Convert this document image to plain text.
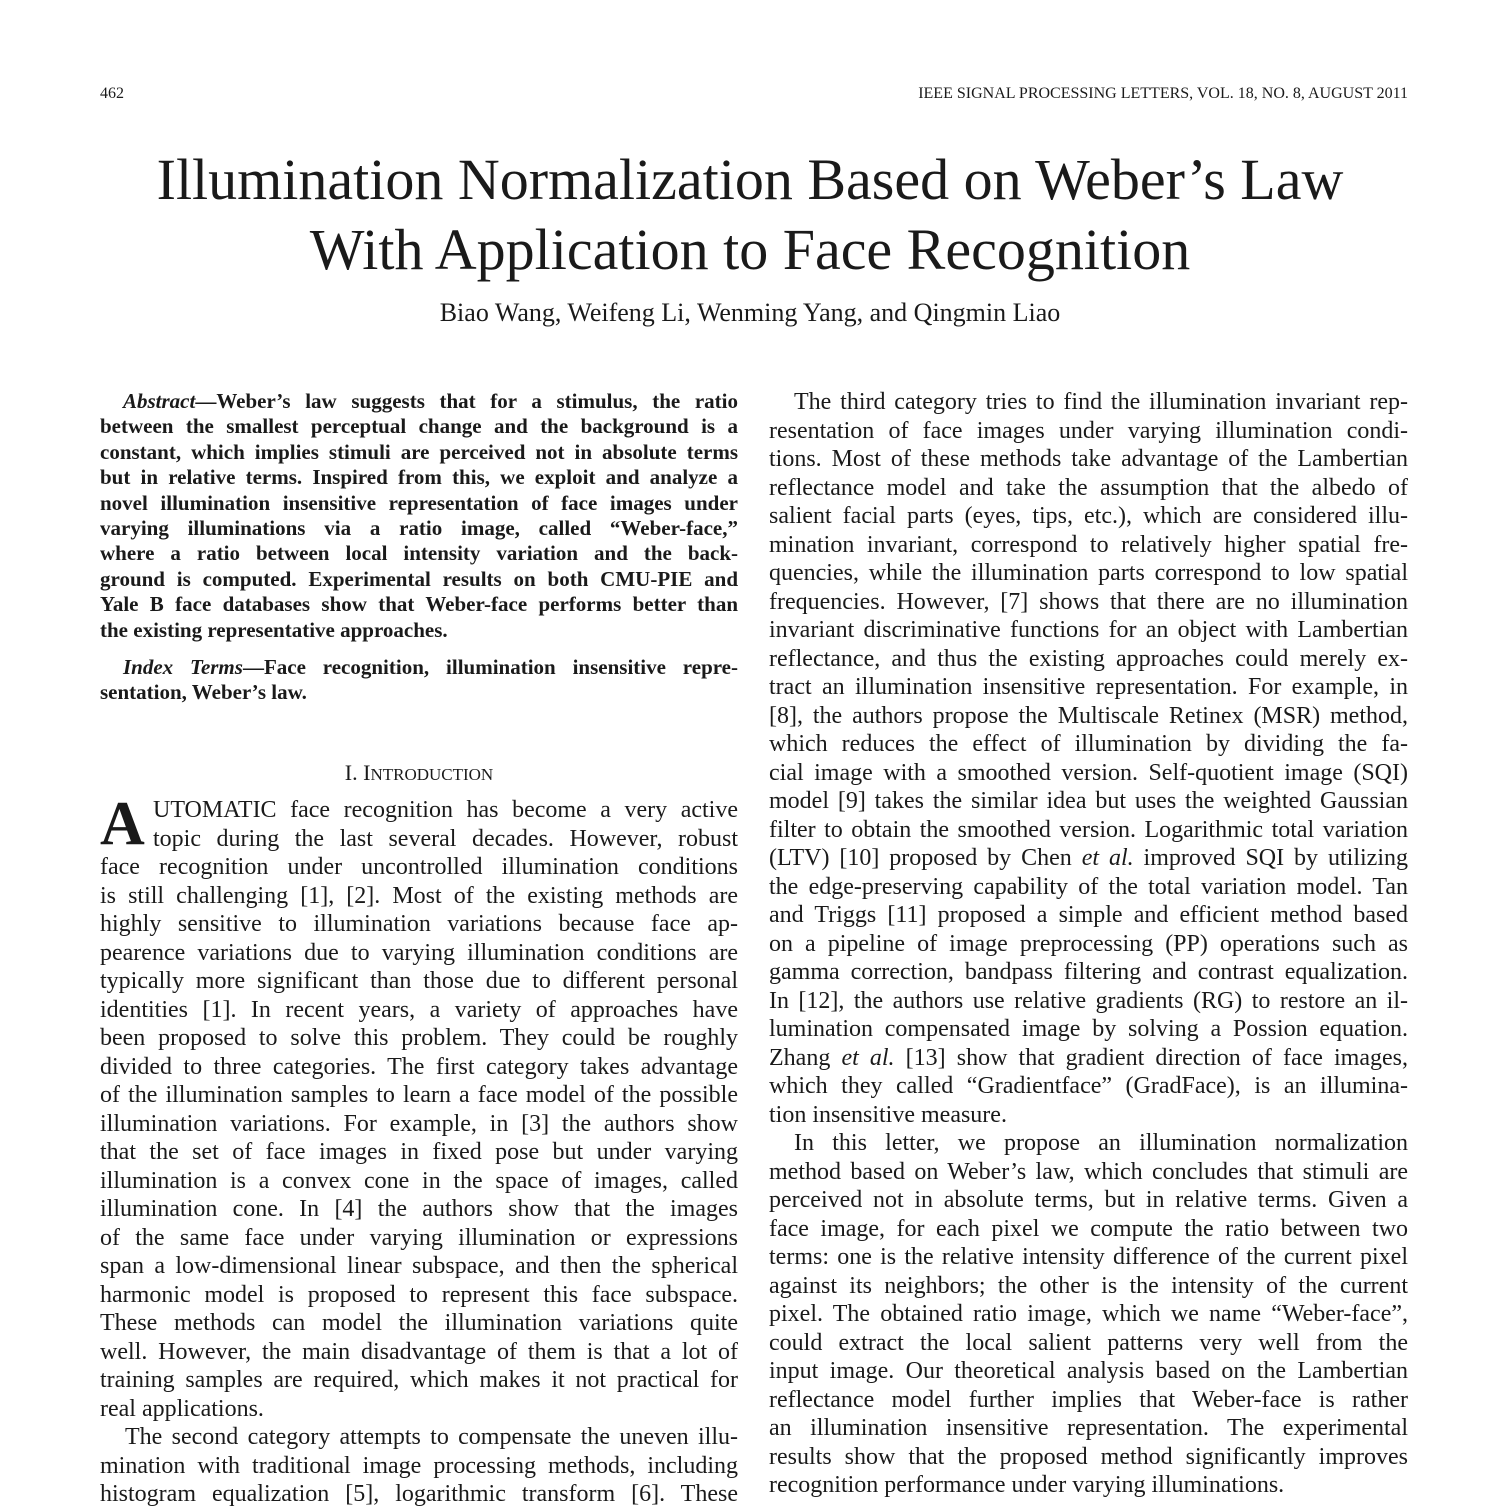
462	IEEE SIGNAL PROCESSING LETTERS, VOL. 18, NO. 8, AUGUST 2011
Illumination Normalization Based on Weber’s Law
With Application to Face Recognition
Biao Wang, Weifeng Li, Wenming Yang, and Qingmin Liao
Abstract—Weber’s law suggests that for a stimulus, the ratio
between the smallest perceptual change and the background is a
constant, which implies stimuli are perceived not in absolute terms
but in relative terms. Inspired from this, we exploit and analyze a
novel illumination insensitive representation of face images under
varying illuminations via a ratio image, called “Weber-face,”
where a ratio between local intensity variation and the back-
ground is computed. Experimental results on both CMU-PIE and
Yale B face databases show that Weber-face performs better than
the existing representative approaches.
Index Terms—Face recognition, illumination insensitive repre-
sentation, Weber’s law.
I. INTRODUCTION
A UTOMATIC face recognition has become a very active
topic during the last several decades. However, robust
face recognition under uncontrolled illumination conditions
is still challenging [1], [2]. Most of the existing methods are
highly sensitive to illumination variations because face ap-
pearence variations due to varying illumination conditions are
typically more significant than those due to different personal
identities [1]. In recent years, a variety of approaches have
been proposed to solve this problem. They could be roughly
divided to three categories. The first category takes advantage
of the illumination samples to learn a face model of the possible
illumination variations. For example, in [3] the authors show
that the set of face images in fixed pose but under varying
illumination is a convex cone in the space of images, called
illumination cone. In [4] the authors show that the images
of the same face under varying illumination or expressions
span a low-dimensional linear subspace, and then the spherical
harmonic model is proposed to represent this face subspace.
These methods can model the illumination variations quite
well. However, the main disadvantage of them is that a lot of
training samples are required, which makes it not practical for
real applications.
The second category attempts to compensate the uneven illu-
mination with traditional image processing methods, including
histogram equalization [5], logarithmic transform [6]. These
The third category tries to find the illumination invariant rep-
resentation of face images under varying illumination condi-
tions. Most of these methods take advantage of the Lambertian
reflectance model and take the assumption that the albedo of
salient facial parts (eyes, tips, etc.), which are considered illu-
mination invariant, correspond to relatively higher spatial fre-
quencies, while the illumination parts correspond to low spatial
frequencies. However, [7] shows that there are no illumination
invariant discriminative functions for an object with Lambertian
reflectance, and thus the existing approaches could merely ex-
tract an illumination insensitive representation. For example, in
[8], the authors propose the Multiscale Retinex (MSR) method,
which reduces the effect of illumination by dividing the fa-
cial image with a smoothed version. Self-quotient image (SQI)
model [9] takes the similar idea but uses the weighted Gaussian
filter to obtain the smoothed version. Logarithmic total variation
(LTV) [10] proposed by Chen et al. improved SQI by utilizing
the edge-preserving capability of the total variation model. Tan
and Triggs [11] proposed a simple and efficient method based
on a pipeline of image preprocessing (PP) operations such as
gamma correction, bandpass filtering and contrast equalization.
In [12], the authors use relative gradients (RG) to restore an il-
lumination compensated image by solving a Possion equation.
Zhang et al. [13] show that gradient direction of face images,
which they called “Gradientface” (GradFace), is an illumina-
tion insensitive measure.
In this letter, we propose an illumination normalization
method based on Weber’s law, which concludes that stimuli are
perceived not in absolute terms, but in relative terms. Given a
face image, for each pixel we compute the ratio between two
terms: one is the relative intensity difference of the current pixel
against its neighbors; the other is the intensity of the current
pixel. The obtained ratio image, which we name “Weber-face”,
could extract the local salient patterns very well from the
input image. Our theoretical analysis based on the Lambertian
reflectance model further implies that Weber-face is rather
an illumination insensitive representation. The experimental
results show that the proposed method significantly improves
recognition performance under varying illuminations.
